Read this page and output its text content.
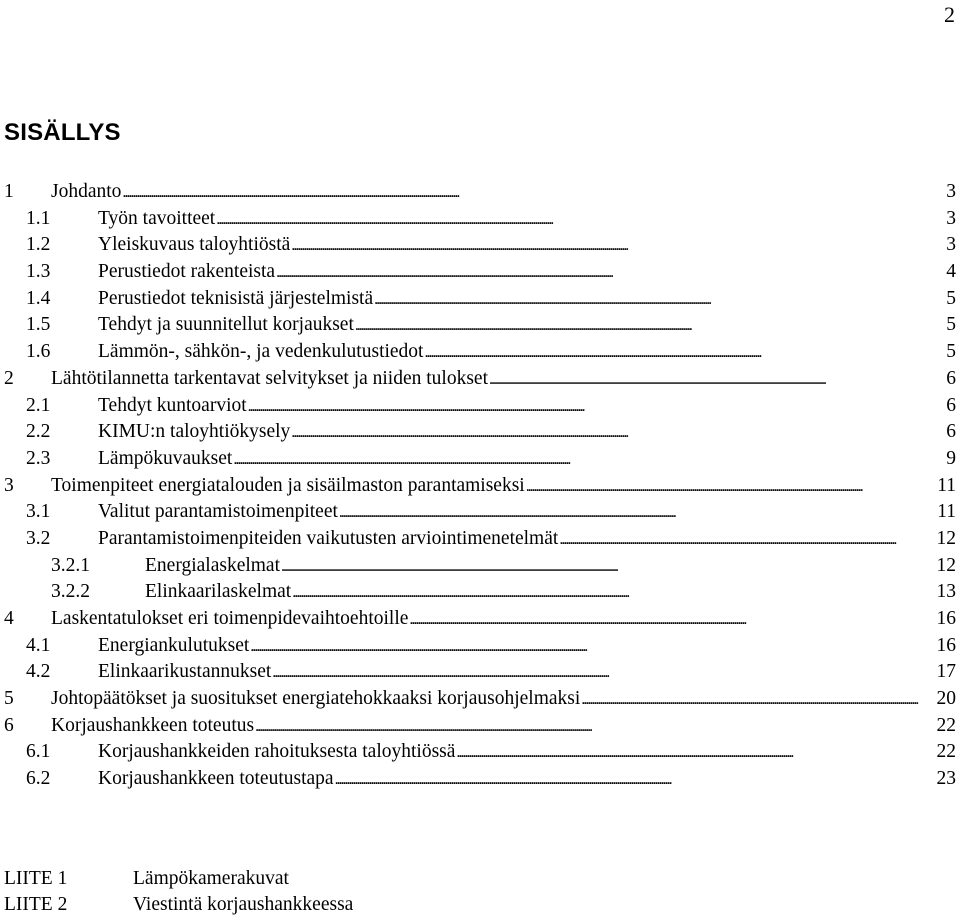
2
SISÄLLYS
1 Johdanto . . .	3
1.1 Työn tavoitteet . . .	3
1.2 Yleiskuvaus taloyhtiöstä . . .	3
1.3 Perustiedot rakenteista . . .	4
1.4 Perustiedot teknisistä järjestelmistä . . .	5
1.5 Tehdyt ja suunnitellut korjaukset . . .	5
1.6 Lämmön-, sähkön-, ja vedenkulutustiedot . . .	5
2 Lähtötilannetta tarkentavat selvitykset ja niiden tulokset . . .	6
2.1 Tehdyt kuntoarviot . . .	6
2.2 KIMU:n taloyhtiökysely . . .	6
2.3 Lämpökuvaukset . . .	9
3 Toimenpiteet energiatalouden ja sisäilmaston parantamiseksi . . .	11
3.1 Valitut parantamistoimenpiteet . . .	11
3.2 Parantamistoimenpiteiden vaikutusten arviointimenetelmät . . .	12
3.2.1	Energialaskelmat . . .	12
3.2.2	Elinkaarilaskelmat . . .	13
4 Laskentatulokset eri toimenpidevaihtoehtoille . . .	16
4.1 Energiankulutukset . . .	16
4.2 Elinkaarikustannukset . . .	17
5 Johtopäätökset ja suositukset energiatehokkaaksi korjausohjelmaksi . . .	20
6 Korjaushankkeen toteutus . . .	22
6.1 Korjaushankkeiden rahoituksesta taloyhtiössä . . .	22
6.2 Korjaushankkeen toteutustapa . . .	23
LIITE 1	Lämpökamerakuvat
LIITE 2	Viestintä korjaushankkeessa
